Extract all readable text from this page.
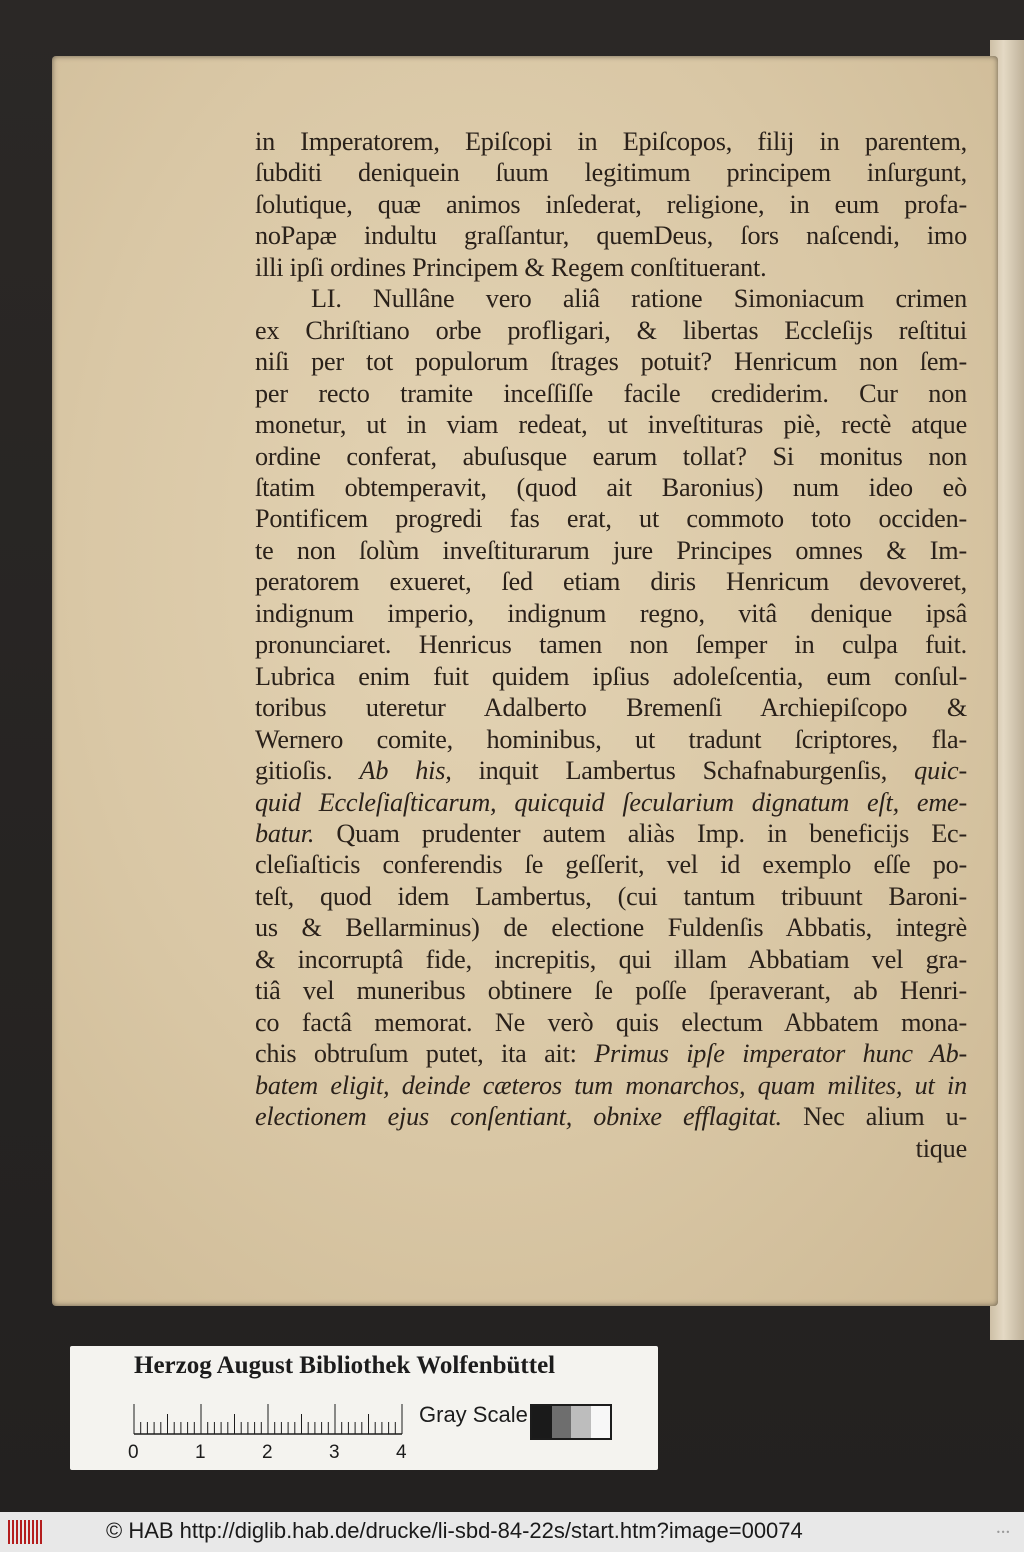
in Imperatorem, Epiſcopi in Epiſcopos, filij in parentem,
ſubditi deniquein ſuum legitimum principem inſurgunt,
ſolutique, quæ animos inſederat, religione, in eum profa-
noPapæ indultu graſſantur, quemDeus, ſors naſcendi, imo
illi ipſi ordines Principem & Regem conſtituerant.
LI. Nullâne vero aliâ ratione Simoniacum crimen
ex Chriſtiano orbe profligari, & libertas Eccleſijs reſtitui
niſi per tot populorum ſtrages potuit? Henricum non ſem-
per recto tramite inceſſiſſe facile crediderim. Cur non
monetur, ut in viam redeat, ut inveſtituras piè, rectè atque
ordine conferat, abuſusque earum tollat? Si monitus non
ſtatim obtemperavit, (quod ait Baronius) num ideo eò
Pontificem progredi fas erat, ut commoto toto occiden-
te non ſolùm inveſtiturarum jure Principes omnes & Im-
peratorem exueret, ſed etiam diris Henricum devoveret,
indignum imperio, indignum regno, vitâ denique ipsâ
pronunciaret. Henricus tamen non ſemper in culpa fuit.
Lubrica enim fuit quidem ipſius adoleſcentia, eum conſul-
toribus uteretur Adalberto Bremenſi Archiepiſcopo &
Wernero comite, hominibus, ut tradunt ſcriptores, fla-
gitioſis. Ab his, inquit Lambertus Schafnaburgenſis, quic-
quid Eccleſiaſticarum, quicquid ſecularium dignatum eſt, eme-
batur. Quam prudenter autem aliàs Imp. in beneficijs Ec-
cleſiaſticis conferendis ſe geſſerit, vel id exemplo eſſe po-
teſt, quod idem Lambertus, (cui tantum tribuunt Baroni-
us & Bellarminus) de electione Fuldenſis Abbatis, integrè
& incorruptâ fide, increpitis, qui illam Abbatiam vel gra-
tiâ vel muneribus obtinere ſe poſſe ſperaverant, ab Henri-
co factâ memorat. Ne verò quis electum Abbatem mona-
chis obtruſum putet, ita ait: Primus ipſe imperator hunc Ab-
batem eligit, deinde cæteros tum monarchos, quam milites, ut in
electionem ejus conſentiant, obnixe efflagitat. Nec alium u-
tique
Herzog August Bibliothek Wolfenbüttel
0	1	2	3	4
Gray Scale
© HAB http://diglib.hab.de/drucke/li-sbd-84-22s/start.htm?image=00074	•••
